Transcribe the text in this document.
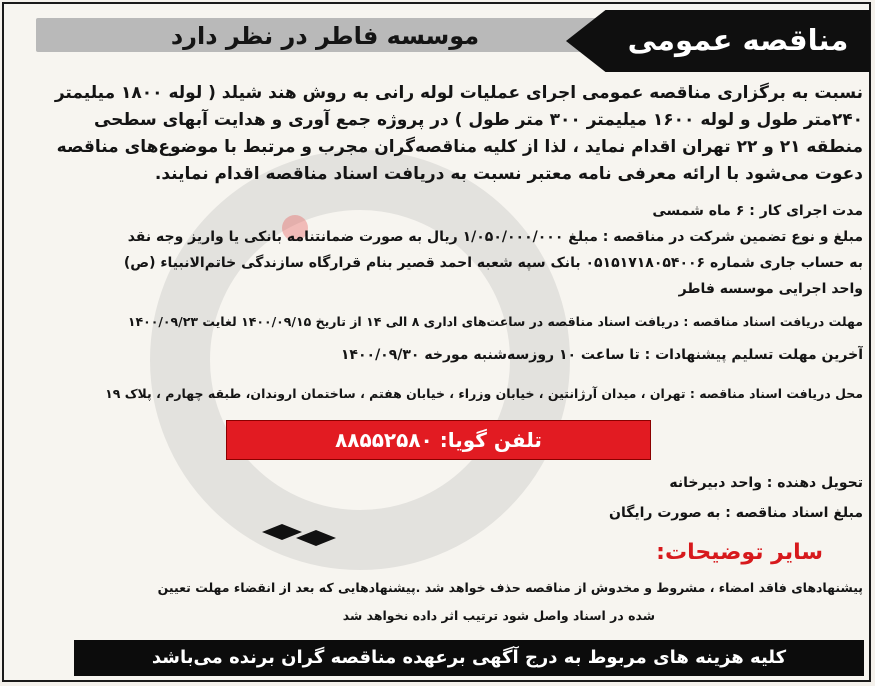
موسسه فاطر در نظر دارد	مناقصه عمومی
نسبت به برگزاری مناقصه عمومی اجرای عملیات لوله رانی به روش هند شیلد ( لوله ۱۸۰۰ میلیمتر
۲۴۰متر طول و لوله ۱۶۰۰ میلیمتر ۳۰۰ متر طول ) در پروژه جمع آوری و هدایت آبهای سطحی
منطقه ۲۱ و ۲۲ تهران اقدام نماید ، لذا از کلیه مناقصه‌گران مجرب و مرتبط با موضوع‌های مناقصه
دعوت می‌شود با ارائه معرفی نامه معتبر نسبت به دریافت اسناد مناقصه اقدام نمایند.
مدت اجرای کار : ۶ ماه شمسی
مبلغ و نوع تضمین شرکت در مناقصه : مبلغ ۱/۰۵۰/۰۰۰/۰۰۰ ریال به صورت ضمانتنامه بانکی یا واریز وجه نقد
به حساب جاری شماره ۰۵۱۵۱۷۱۸۰۵۴۰۰۶ بانک سپه شعبه احمد قصیر بنام قرارگاه سازندگی خاتم‌الانبیاء (ص)
واحد اجرایی موسسه فاطر
مهلت دریافت اسناد مناقصه : دریافت اسناد مناقصه در ساعت‌های اداری ۸ الی ۱۴ از تاریخ ۱۴۰۰/۰۹/۱۵ لغایت ۱۴۰۰/۰۹/۲۳
آخرین مهلت تسلیم پیشنهادات : تا ساعت ۱۰ روزسه‌شنبه مورخه ۱۴۰۰/۰۹/۳۰
محل دریافت اسناد مناقصه : تهران ، میدان آرژانتین ، خیابان وزراء ، خیابان هفتم ، ساختمان اروندان، طبقه چهارم ، پلاک ۱۹
تلفن گویا: ۸۸۵۵۲۵۸۰
تحویل دهنده : واحد دبیرخانه
مبلغ اسناد مناقصه : به صورت رایگان
سایر توضیحات:
پیشنهادهای فاقد امضاء ، مشروط و مخدوش از مناقصه حذف خواهد شد .پیشنهادهایی که بعد از انقضاء مهلت تعیین
شده در اسناد واصل شود ترتیب اثر داده نخواهد شد
کلیه هزینه های مربوط به درج آگهی برعهده مناقصه گران برنده می‌باشد
